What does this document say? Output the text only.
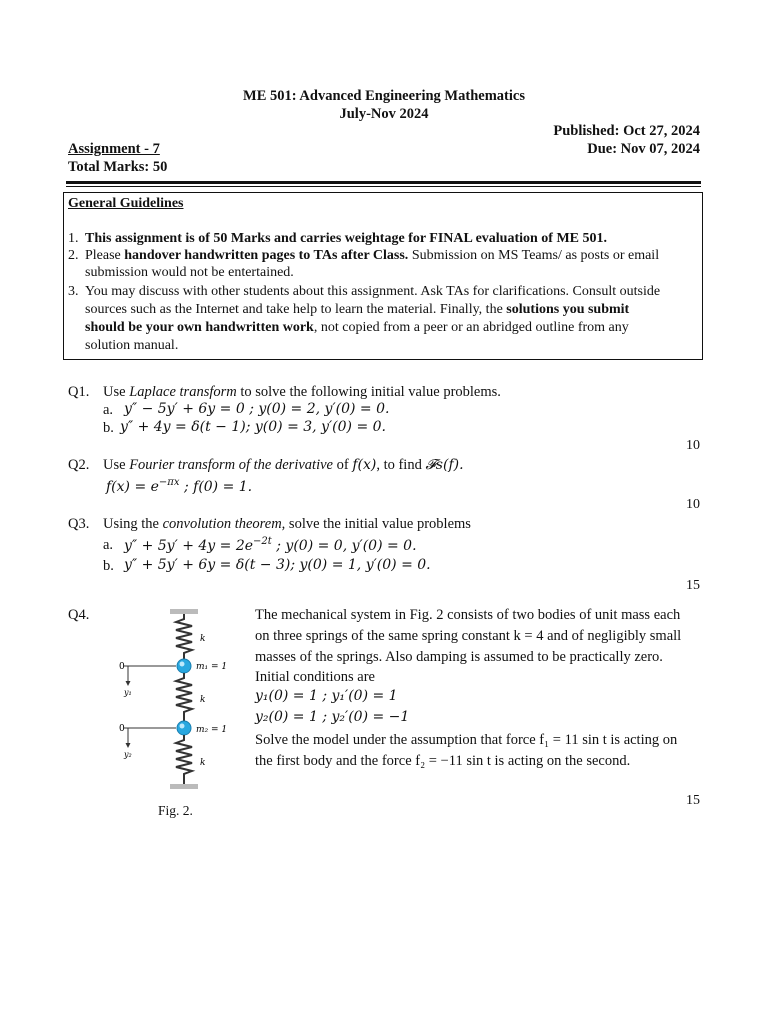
ME 501: Advanced Engineering Mathematics
July-Nov 2024
Published: Oct 27, 2024
Assignment - 7	Due: Nov 07, 2024
Total Marks: 50
General Guidelines
1. This assignment is of 50 Marks and carries weightage for FINAL evaluation of ME 501.
2. Please handover handwritten pages to TAs after Class. Submission on MS Teams/ as posts or email
submission would not be entertained.
3. You may discuss with other students about this assignment. Ask TAs for clarifications. Consult outside
sources such as the Internet and take help to learn the material. Finally, the solutions you submit
should be your own handwritten work, not copied from a peer or an abridged outline from any
solution manual.
Q1. Use Laplace transform to solve the following initial value problems.
a. y″ − 5y′ + 6y = 0 ; y(0) = 2, y′(0) = 0.
b. y″ + 4y = δ(t − 1); y(0) = 3, y′(0) = 0.
10
Q2. Use Fourier transform of the derivative of f(x), to find 𝓕s(f).
$f(x) = e^{-\pi x}$ ; f(0) = 1.
10
Q3. Using the convolution theorem, solve the initial value problems
a. $y'' + 5y' + 4y = 2e^{-2t}$ ; y(0) = 0, y′(0) = 0.
b. y″ + 5y′ + 6y = δ(t − 3); y(0) = 1, y′(0) = 0.
15
Q4.
k
m₁ = 1
0
y₁
k
m₂ = 1
0
y₂
k
Fig. 2.
The mechanical system in Fig. 2 consists of two bodies of unit mass each
on three springs of the same spring constant k = 4 and of negligibly small
masses of the springs. Also damping is assumed to be practically zero.
Initial conditions are
y₁(0) = 1 ; y₁′(0) = 1
y₂(0) = 1 ; y₂′(0) = −1
Solve the model under the assumption that force f₁ = 11 sin t is acting on
the first body and the force f₂ = −11 sin t is acting on the second.
15
